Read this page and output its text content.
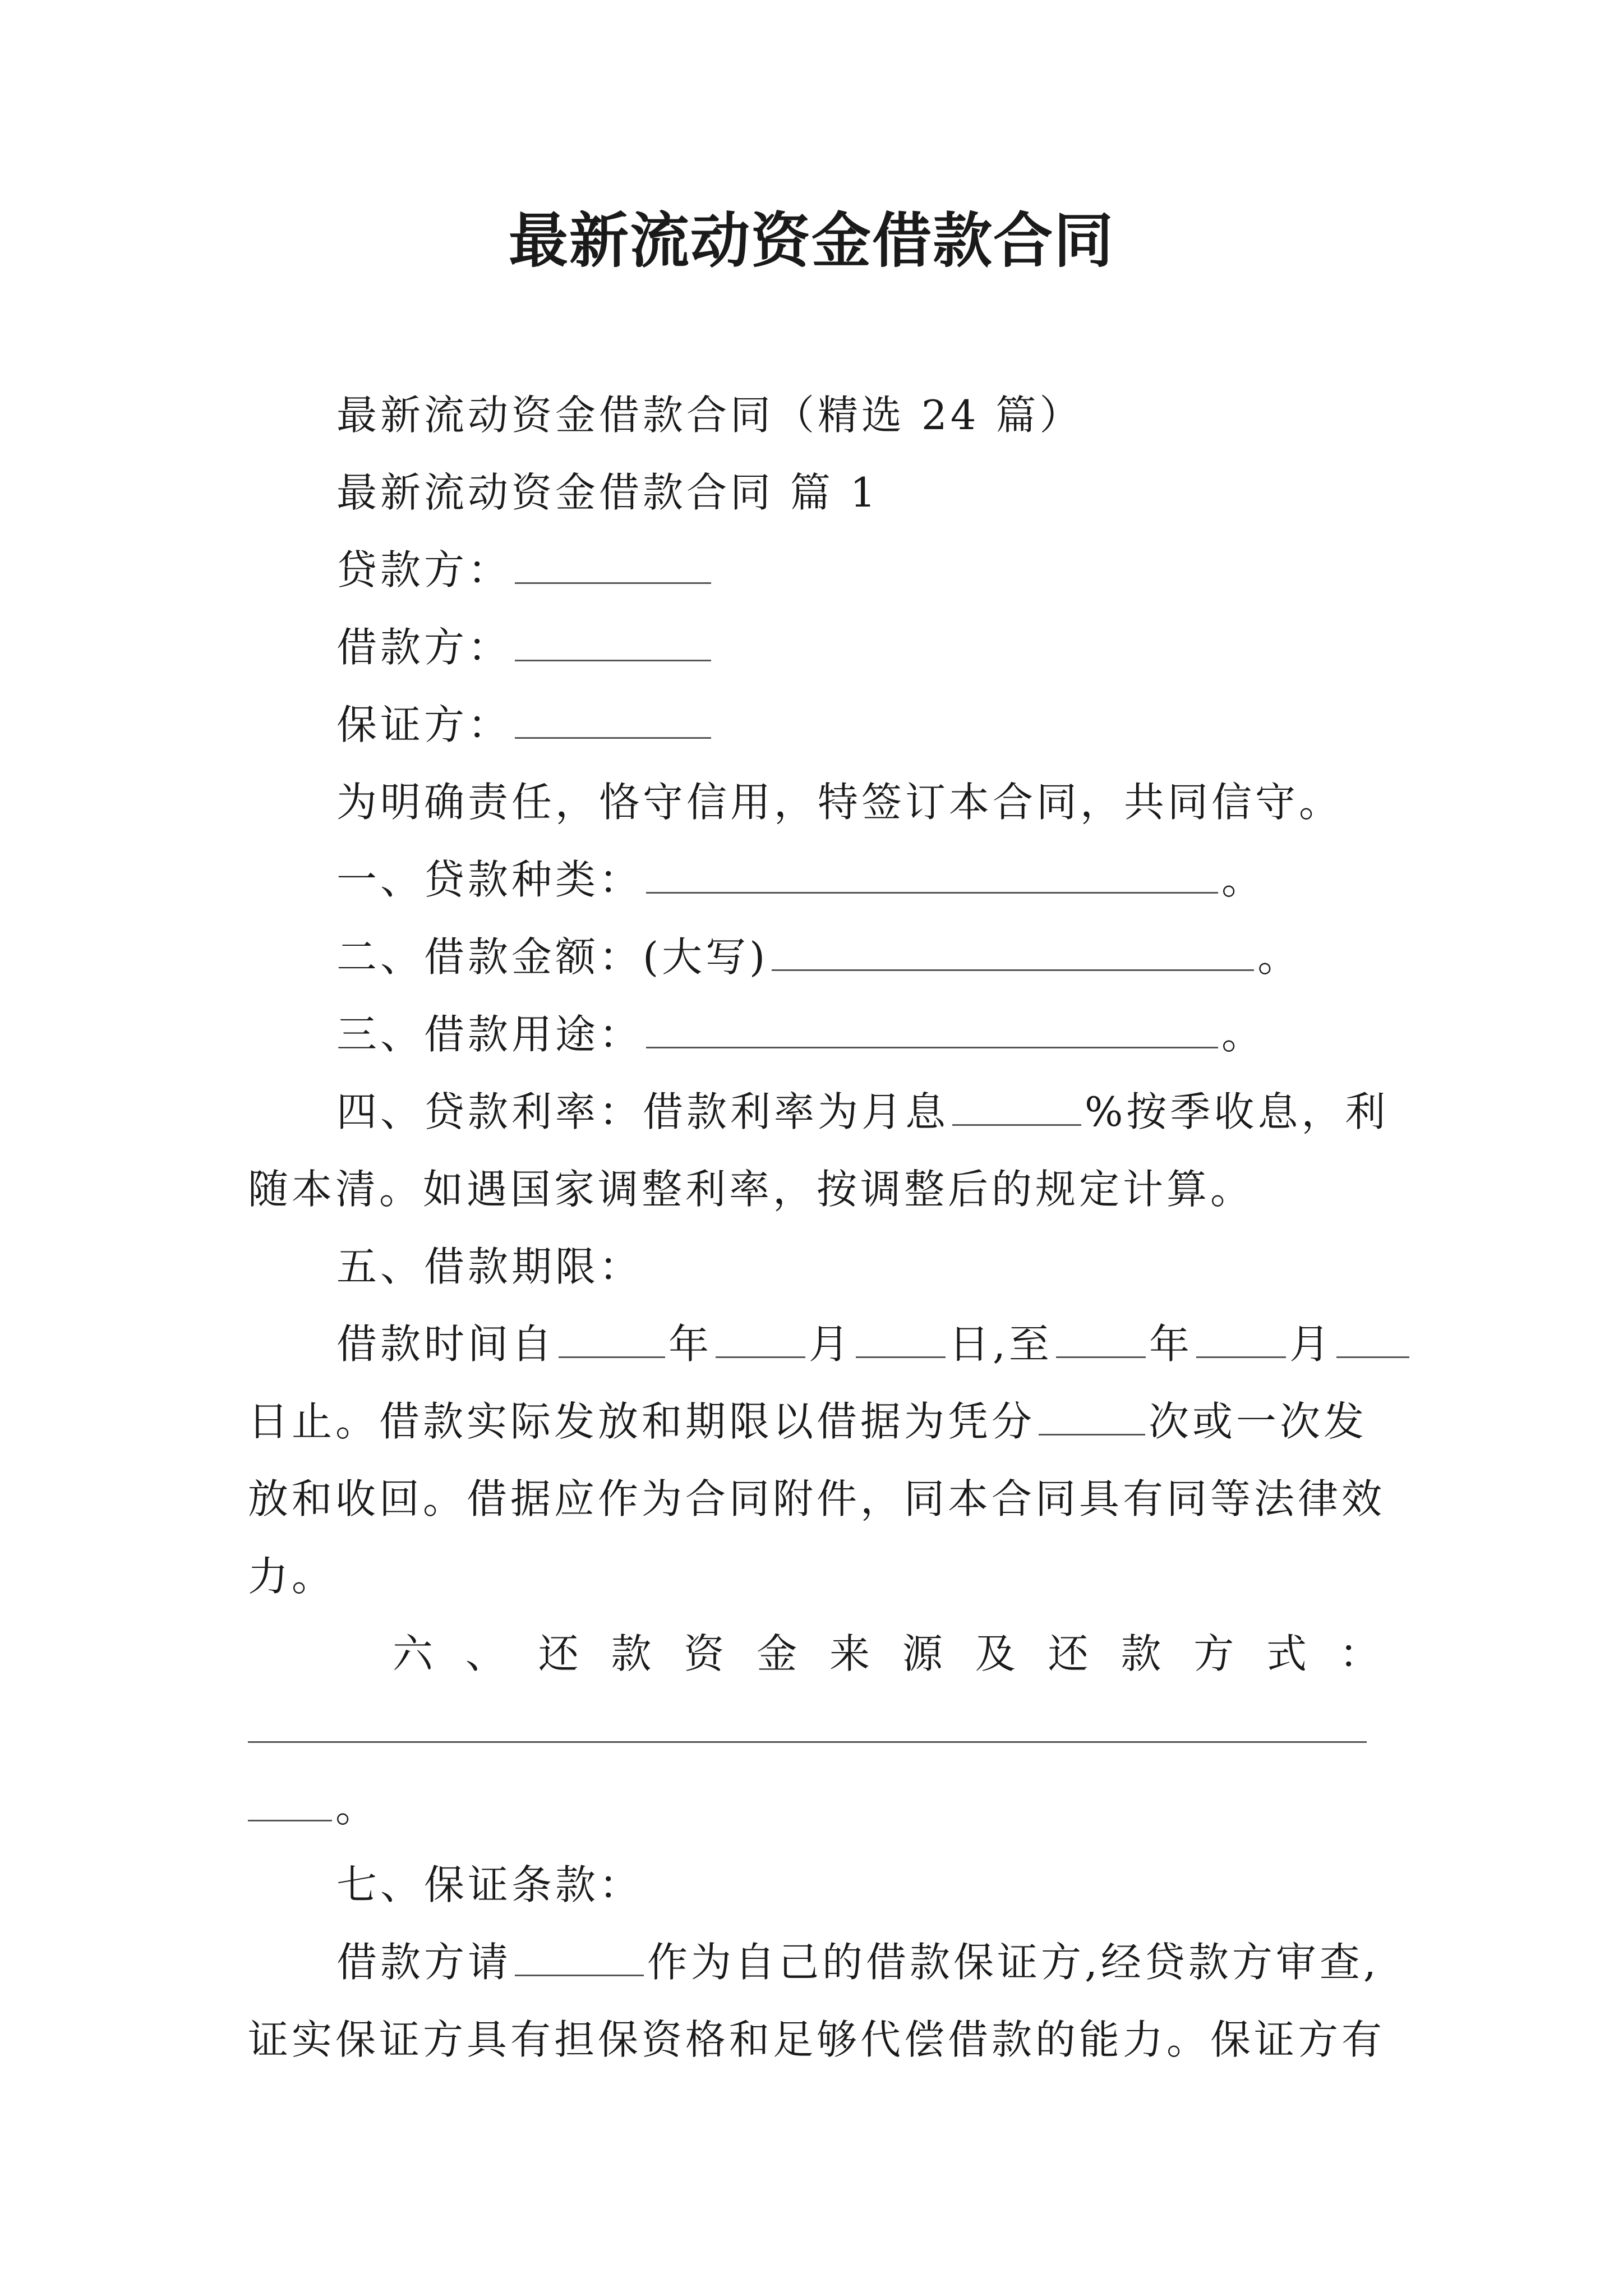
最新流动资金借款合同
最新流动资金借款合同（精选 24 篇）
最新流动资金借款合同 篇 1
贷款方：
借款方：
保证方：
为明确责任，恪守信用，特签订本合同，共同信守。
一、贷款种类：	。
二、借款金额：(大写)	。
三、借款用途：	。
四、贷款利率：借款利率为月息	%按季收息，利
随本清。如遇国家调整利率，按调整后的规定计算。
五、借款期限：
借款时间自	年 月 日,至 年 月
日止。借款实际发放和期限以借据为凭分	次或一次发
放和收回。借据应作为合同附件，同本合同具有同等法律效
力。
六 、 还 款 资 金 来 源 及 还 款 方 式 ：
。
七、保证条款：
借款方请	作为自己的借款保证方,经贷款方审查,
证实保证方具有担保资格和足够代偿借款的能力。保证方有
